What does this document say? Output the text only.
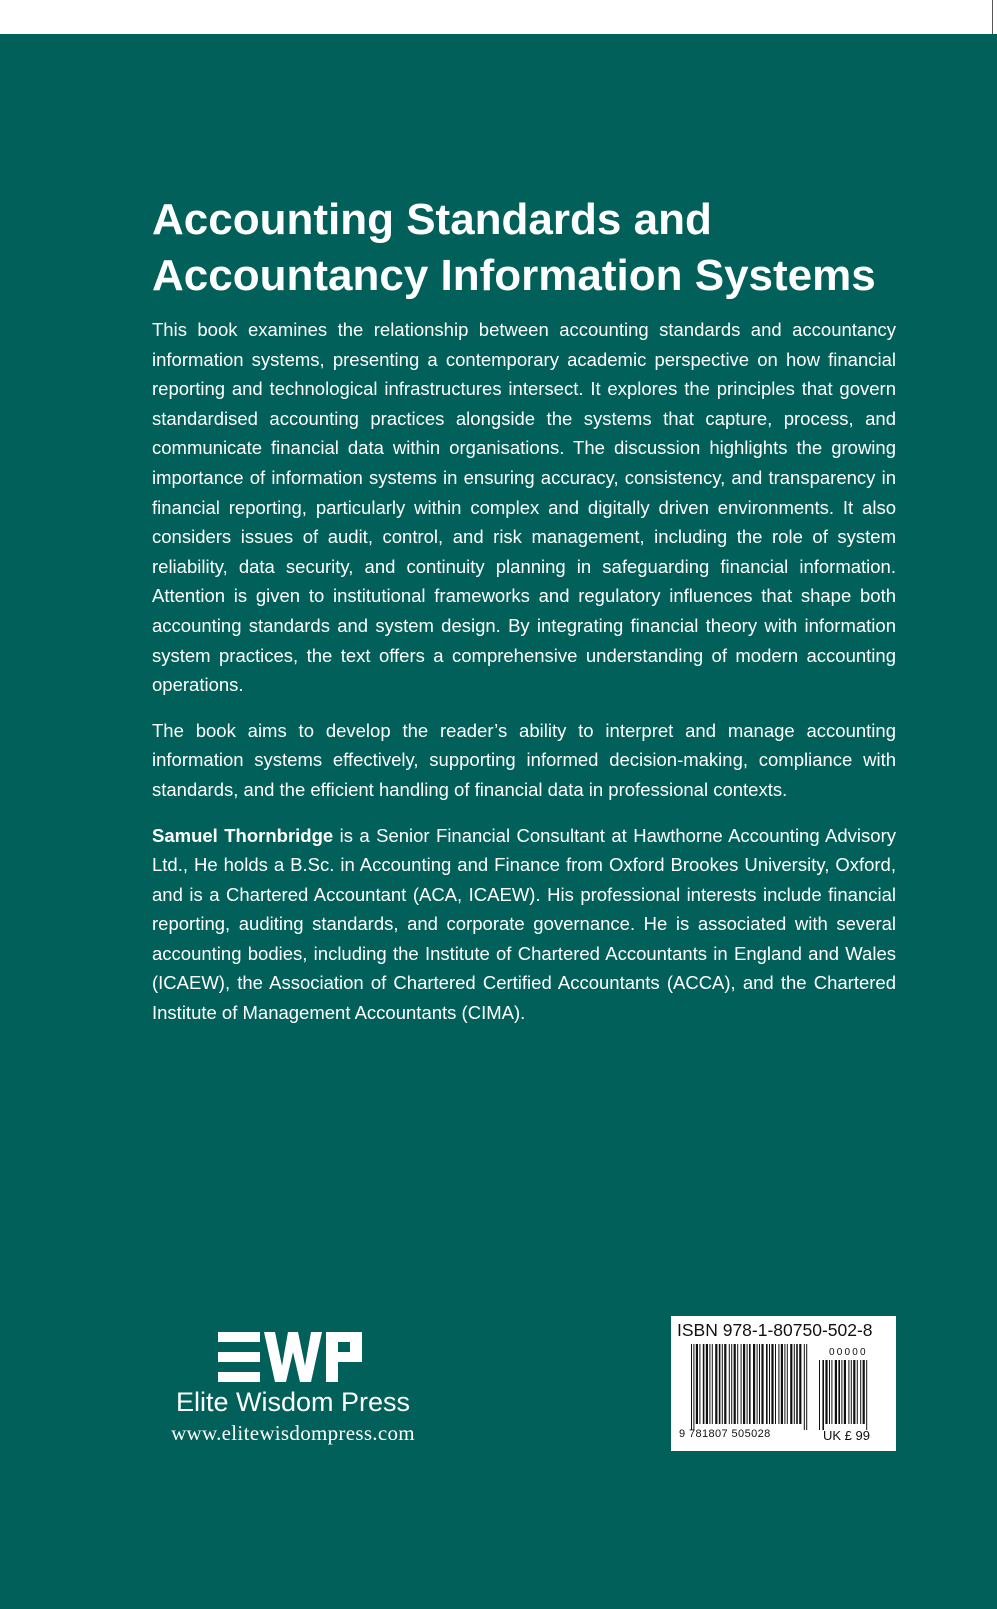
Accounting Standards and
Accountancy Information Systems

This book examines the relationship between accounting standards and accountancy information systems, presenting a contemporary academic perspective on how financial reporting and technological infrastructures intersect. It explores the principles that govern standardised accounting practices alongside the systems that capture, process, and communicate financial data within organisations. The discussion highlights the growing importance of information systems in ensuring accuracy, consistency, and transparency in financial reporting, particularly within complex and digitally driven environments. It also considers issues of audit, control, and risk management, including the role of system reliability, data security, and continuity planning in safeguarding financial information. Attention is given to institutional frameworks and regulatory influences that shape both accounting standards and system design. By integrating financial theory with information system practices, the text offers a comprehensive understanding of modern accounting operations.

The book aims to develop the reader’s ability to interpret and manage accounting information systems effectively, supporting informed decision-making, compliance with standards, and the efficient handling of financial data in professional contexts.

Samuel Thornbridge is a Senior Financial Consultant at Hawthorne Accounting Advisory Ltd., He holds a B.Sc. in Accounting and Finance from Oxford Brookes University, Oxford, and is a Chartered Accountant (ACA, ICAEW). His professional interests include financial reporting, auditing standards, and corporate governance. He is associated with several accounting bodies, including the Institute of Chartered Accountants in England and Wales (ICAEW), the Association of Chartered Certified Accountants (ACCA), and the Chartered Institute of Management Accountants (CIMA).

Elite Wisdom Press
www.elitewisdompress.com
ISBN 978-1-80750-502-8
9 781807 505028
00000
UK £ 99
